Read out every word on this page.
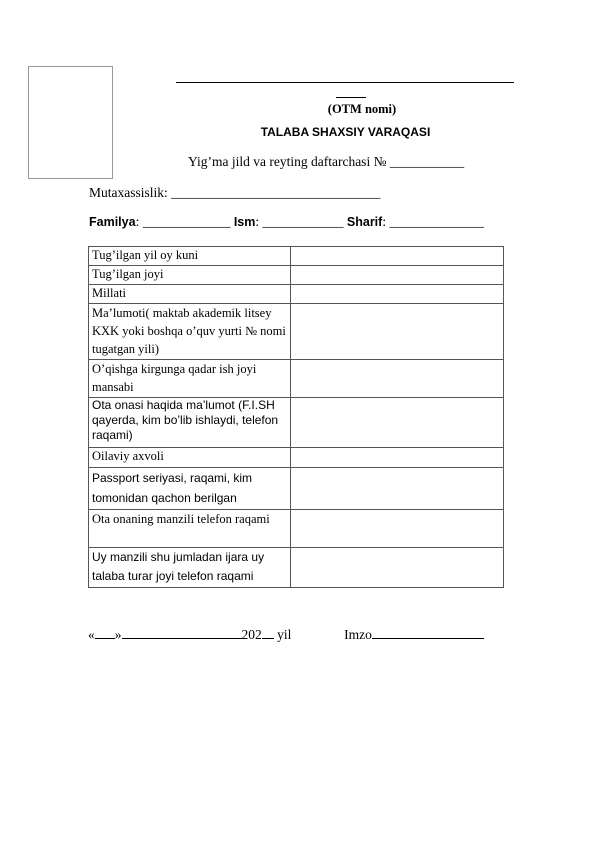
(OTM nomi)
TALABA SHAXSIY VARAQASI
Yig’ma jild va reyting daftarchasi № ___________
Mutaxassislik: _______________________________
Familya: _____________ Ism: ____________ Sharif: ______________
Tug’ilgan yil oy kuni	
Tug’ilgan joyi	
Millati	
Ma’lumoti( maktab akademik litsey KXK yoki boshqa o’quv yurti № nomi tugatgan yili)	
O’qishga kirgunga qadar ish joyi mansabi	
Ota onasi haqida ma’lumot (F.I.SH qayerda, kim bo’lib ishlaydi, telefon raqami)	
Oilaviy axvoli	
Passport seriyasi, raqami, kim tomonidan qachon berilgan	
Ota onaning manzili telefon raqami	
Uy manzili shu jumladan ijara uy talaba turar joyi telefon raqami	
« »	202 yil	Imzo
